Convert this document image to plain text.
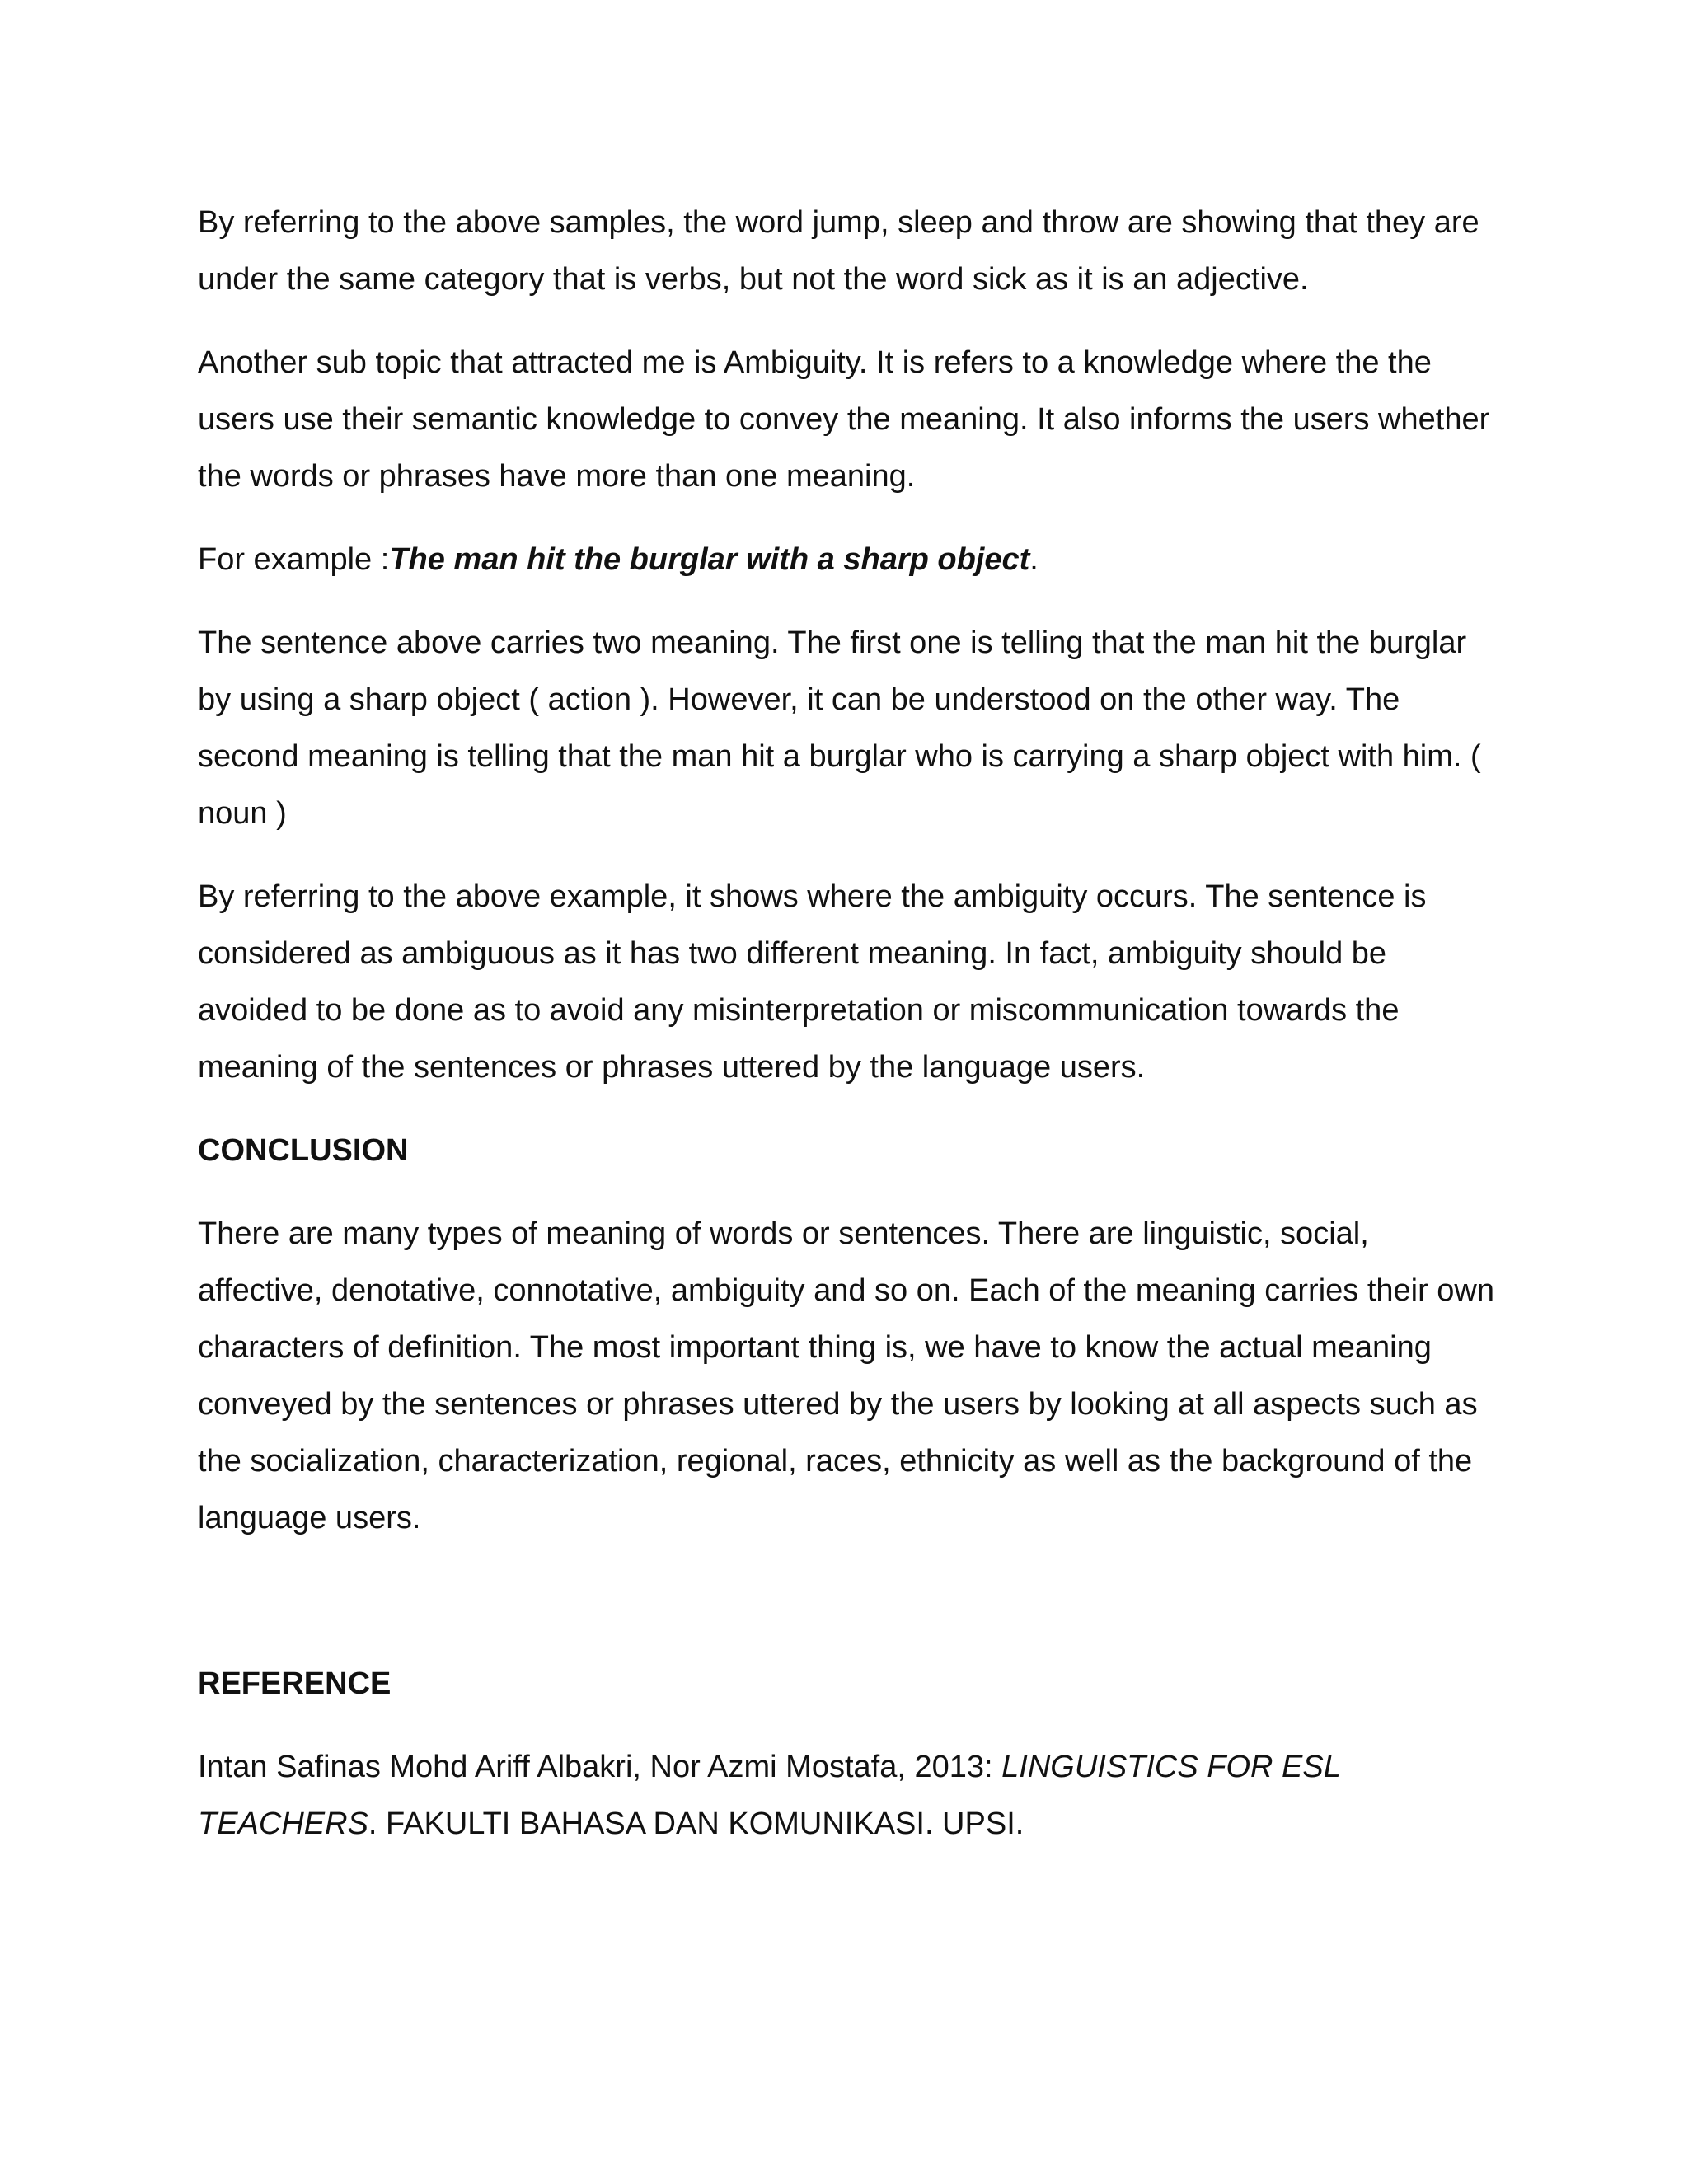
By referring to the above samples, the word jump, sleep and throw are showing that they are under the same category that is verbs, but not the word sick as it is an adjective.

Another sub topic that attracted me is Ambiguity. It is refers to a knowledge where the the users use their semantic knowledge to convey the meaning. It also informs the users whether the words or phrases have more than one meaning.

For example :The man hit the burglar with a sharp object.

The sentence above carries two meaning. The first one is telling that the man hit the burglar by using a sharp object ( action ). However, it can be understood on the other way. The second meaning is telling that the man hit a burglar who is carrying a sharp object with him. ( noun )

By referring to the above example, it shows where the ambiguity occurs. The sentence is considered as ambiguous as it has two different meaning. In fact, ambiguity should be avoided to be done as to avoid any misinterpretation or miscommunication towards the meaning of the sentences or phrases uttered by the language users.

CONCLUSION

There are many types of meaning of words or sentences. There are linguistic, social, affective, denotative, connotative, ambiguity and so on. Each of the meaning carries their own characters of definition. The most important thing is, we have to know the actual meaning conveyed by the sentences or phrases uttered by the users by looking at all aspects such as the socialization, characterization, regional, races, ethnicity as well as the background of the language users.

REFERENCE

Intan Safinas Mohd Ariff Albakri, Nor Azmi Mostafa, 2013: LINGUISTICS FOR ESL TEACHERS. FAKULTI BAHASA DAN KOMUNIKASI. UPSI.
